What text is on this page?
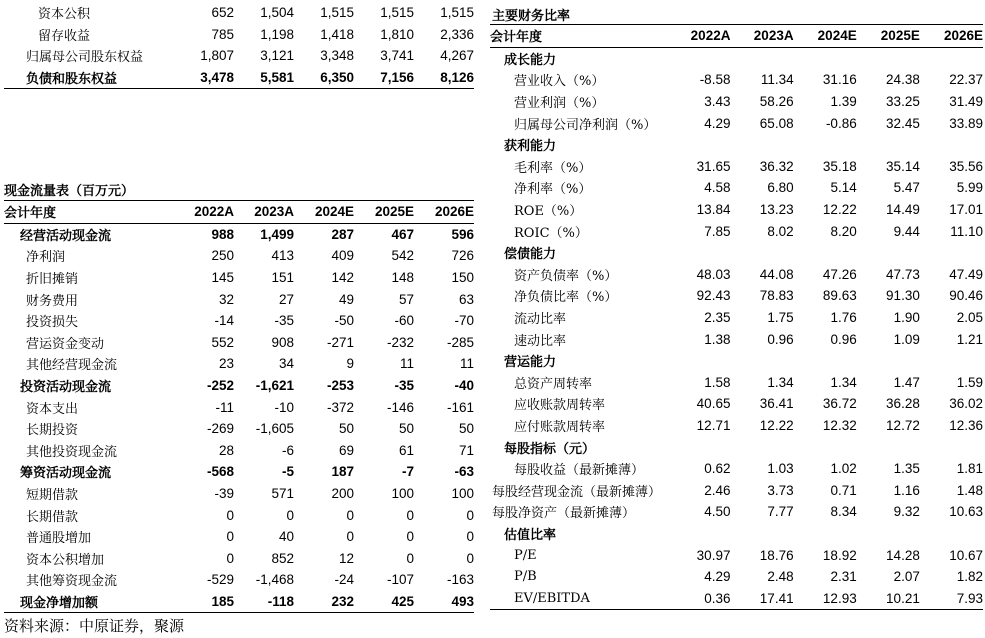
资本公积	652	1,504	1,515	1,515	1,515
留存收益	785	1,198	1,418	1,810	2,336
归属母公司股东权益	1,807	3,121	3,348	3,741	4,267
负债和股东权益	3,478	5,581	6,350	7,156	8,126
现金流量表（百万元）
会计年度	2022A	2023A	2024E	2025E	2026E
经营活动现金流	988	1,499	287	467	596
净利润	250	413	409	542	726
折旧摊销	145	151	142	148	150
财务费用	32	27	49	57	63
投资损失	-14	-35	-50	-60	-70
营运资金变动	552	908	-271	-232	-285
其他经营现金流	23	34	9	11	11
投资活动现金流	-252	-1,621	-253	-35	-40
资本支出	-11	-10	-372	-146	-161
长期投资	-269	-1,605	50	50	50
其他投资现金流	28	-6	69	61	71
筹资活动现金流	-568	-5	187	-7	-63
短期借款	-39	571	200	100	100
长期借款	0	0	0	0	0
普通股增加	0	40	0	0	0
资本公积增加	0	852	12	0	0
其他筹资现金流	-529	-1,468	-24	-107	-163
现金净增加额	185	-118	232	425	493
主要财务比率
会计年度	2022A	2023A	2024E	2025E	2026E
成长能力					
营业收入（%）	-8.58	11.34	31.16	24.38	22.37
营业利润（%）	3.43	58.26	1.39	33.25	31.49
归属母公司净利润（%）	4.29	65.08	-0.86	32.45	33.89
获利能力					
毛利率（%）	31.65	36.32	35.18	35.14	35.56
净利率（%）	4.58	6.80	5.14	5.47	5.99
ROE（%）	13.84	13.23	12.22	14.49	17.01
ROIC（%）	7.85	8.02	8.20	9.44	11.10
偿债能力					
资产负债率（%）	48.03	44.08	47.26	47.73	47.49
净负债比率（%）	92.43	78.83	89.63	91.30	90.46
流动比率	2.35	1.75	1.76	1.90	2.05
速动比率	1.38	0.96	0.96	1.09	1.21
营运能力					
总资产周转率	1.58	1.34	1.34	1.47	1.59
应收账款周转率	40.65	36.41	36.72	36.28	36.02
应付账款周转率	12.71	12.22	12.32	12.72	12.36
每股指标（元）					
每股收益（最新摊薄）	0.62	1.03	1.02	1.35	1.81
每股经营现金流（最新摊薄）	2.46	3.73	0.71	1.16	1.48
每股净资产（最新摊薄）	4.50	7.77	8.34	9.32	10.63
估值比率					
P/E	30.97	18.76	18.92	14.28	10.67
P/B	4.29	2.48	2.31	2.07	1.82
EV/EBITDA	0.36	17.41	12.93	10.21	7.93
资料来源：中原证券，聚源
